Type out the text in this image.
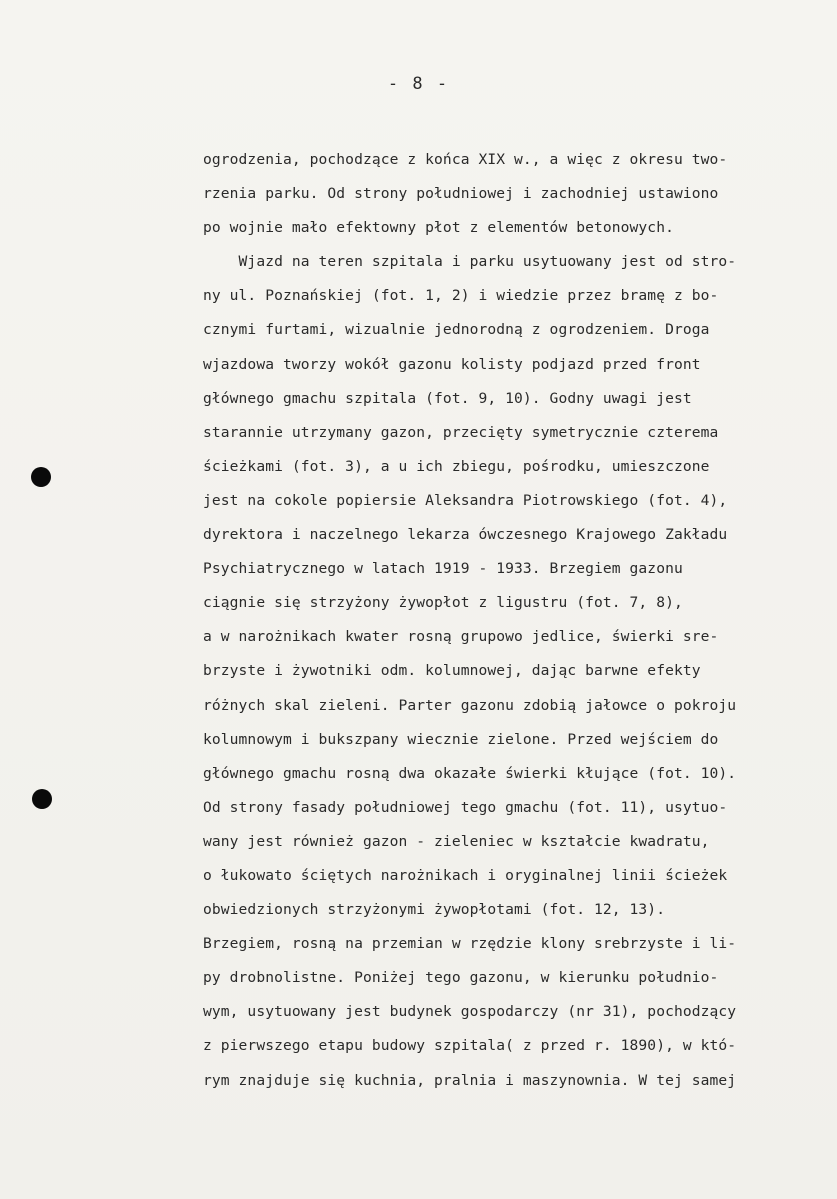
- 8 -
ogrodzenia, pochodzące z końca XIX w., a więc z okresu two-
rzenia parku. Od strony południowej i zachodniej ustawiono
po wojnie mało efektowny płot z elementów betonowych.
Wjazd na teren szpitala i parku usytuowany jest od stro-
ny ul. Poznańskiej (fot. 1, 2) i wiedzie przez bramę z bo-
cznymi furtami, wizualnie jednorodną z ogrodzeniem. Droga
wjazdowa tworzy wokół gazonu kolisty podjazd przed front
głównego gmachu szpitala (fot. 9, 10). Godny uwagi jest
starannie utrzymany gazon, przecięty symetrycznie czterema
ścieżkami (fot. 3), a u ich zbiegu, pośrodku, umieszczone
jest na cokole popiersie Aleksandra Piotrowskiego (fot. 4),
dyrektora i naczelnego lekarza ówczesnego Krajowego Zakładu
Psychiatrycznego w latach 1919 - 1933. Brzegiem gazonu
ciągnie się strzyżony żywopłot z ligustru (fot. 7, 8),
a w narożnikach kwater rosną grupowo jedlice, świerki sre-
brzyste i żywotniki odm. kolumnowej, dając barwne efekty
różnych skal zieleni. Parter gazonu zdobią jałowce o pokroju
kolumnowym i bukszpany wiecznie zielone. Przed wejściem do
głównego gmachu rosną dwa okazałe świerki kłujące (fot. 10).
Od strony fasady południowej tego gmachu (fot. 11), usytuo-
wany jest również gazon - zieleniec w kształcie kwadratu,
o łukowato ściętych narożnikach i oryginalnej linii ścieżek
obwiedzionych strzyżonymi żywopłotami (fot. 12, 13).
Brzegiem, rosną na przemian w rzędzie klony srebrzyste i li-
py drobnolistne. Poniżej tego gazonu, w kierunku południo-
wym, usytuowany jest budynek gospodarczy (nr 31), pochodzący
z pierwszego etapu budowy szpitala( z przed r. 1890), w któ-
rym znajduje się kuchnia, pralnia i maszynownia. W tej samej
